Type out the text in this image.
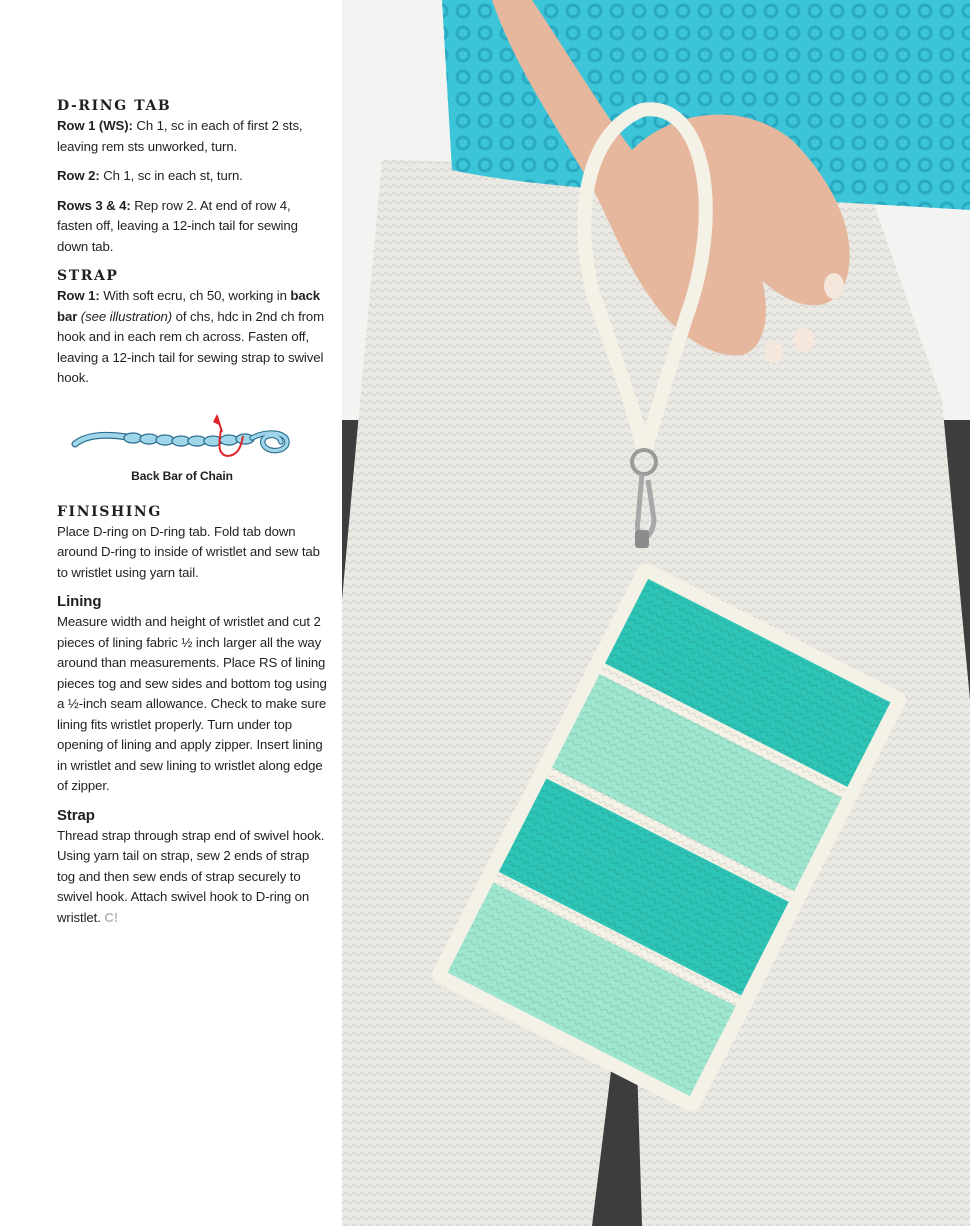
D-RING TAB

Row 1 (WS): Ch 1, sc in each of first 2 sts, leaving rem sts unworked, turn.

Row 2: Ch 1, sc in each st, turn.

Rows 3 & 4: Rep row 2. At end of row 4, fasten off, leaving a 12-inch tail for sewing down tab.

STRAP

Row 1: With soft ecru, ch 50, working in back bar (see illustration) of chs, hdc in 2nd ch from hook and in each rem ch across. Fasten off, leaving a 12-inch tail for sewing strap to swivel hook.

Back Bar of Chain
FINISHING

Place D-ring on D-ring tab. Fold tab down around D-ring to inside of wristlet and sew tab to wristlet using yarn tail.

Lining

Measure width and height of wristlet and cut 2 pieces of lining fabric ½ inch larger all the way around than measurements. Place RS of lining pieces tog and sew sides and bottom tog using a ½-inch seam allowance. Check to make sure lining fits wristlet properly. Turn under top opening of lining and apply zipper. Insert lining in wristlet and sew lining to wristlet along edge of zipper.

Strap

Thread strap through strap end of swivel hook. Using yarn tail on strap, sew 2 ends of strap tog and then sew ends of strap securely to swivel hook. Attach swivel hook to D-ring on wristlet. C!
